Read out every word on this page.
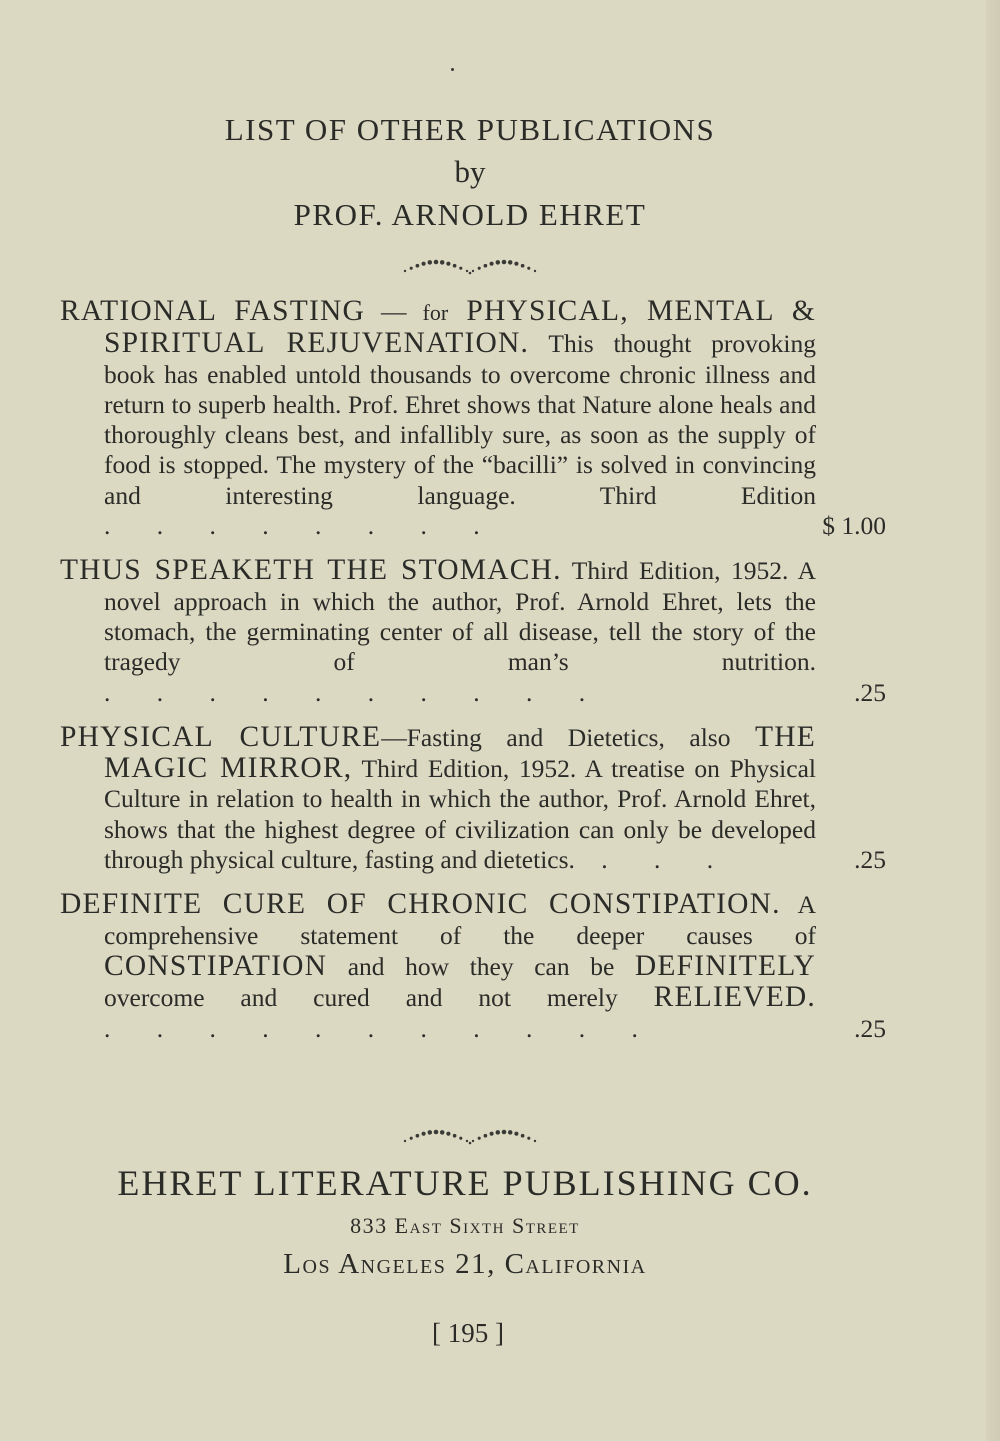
LIST OF OTHER PUBLICATIONS
by
PROF. ARNOLD EHRET
RATIONAL FASTING — for PHYSICAL, MENTAL & SPIRITUAL REJUVENATION. This thought provoking book has enabled untold thousands to overcome chronic illness and return to superb health. Prof. Ehret shows that Nature alone heals and thoroughly cleans best, and infallibly sure, as soon as the supply of food is stopped. The mystery of the “bacilli” is solved in convincing and interesting language. Third Edition . . . . . . . .	$ 1.00
THUS SPEAKETH THE STOMACH. Third Edition, 1952. A novel approach in which the author, Prof. Arnold Ehret, lets the stomach, the germinating center of all disease, tell the story of the tragedy of man’s nutrition. . . . . . . . . . .	.25
PHYSICAL CULTURE—Fasting and Dietetics, also THE MAGIC MIRROR, Third Edition, 1952. A treatise on Physical Culture in relation to health in which the author, Prof. Arnold Ehret, shows that the highest degree of civilization can only be developed through physical culture, fasting and dietetics. . . .	.25
DEFINITE CURE OF CHRONIC CONSTIPATION. A comprehensive statement of the deeper causes of CONSTIPATION and how they can be DEFINITELY overcome and cured and not merely RELIEVED. . . . . . . . . . . .	.25
EHRET LITERATURE PUBLISHING CO.
833 East Sixth Street
Los Angeles 21, California
[ 195 ]
